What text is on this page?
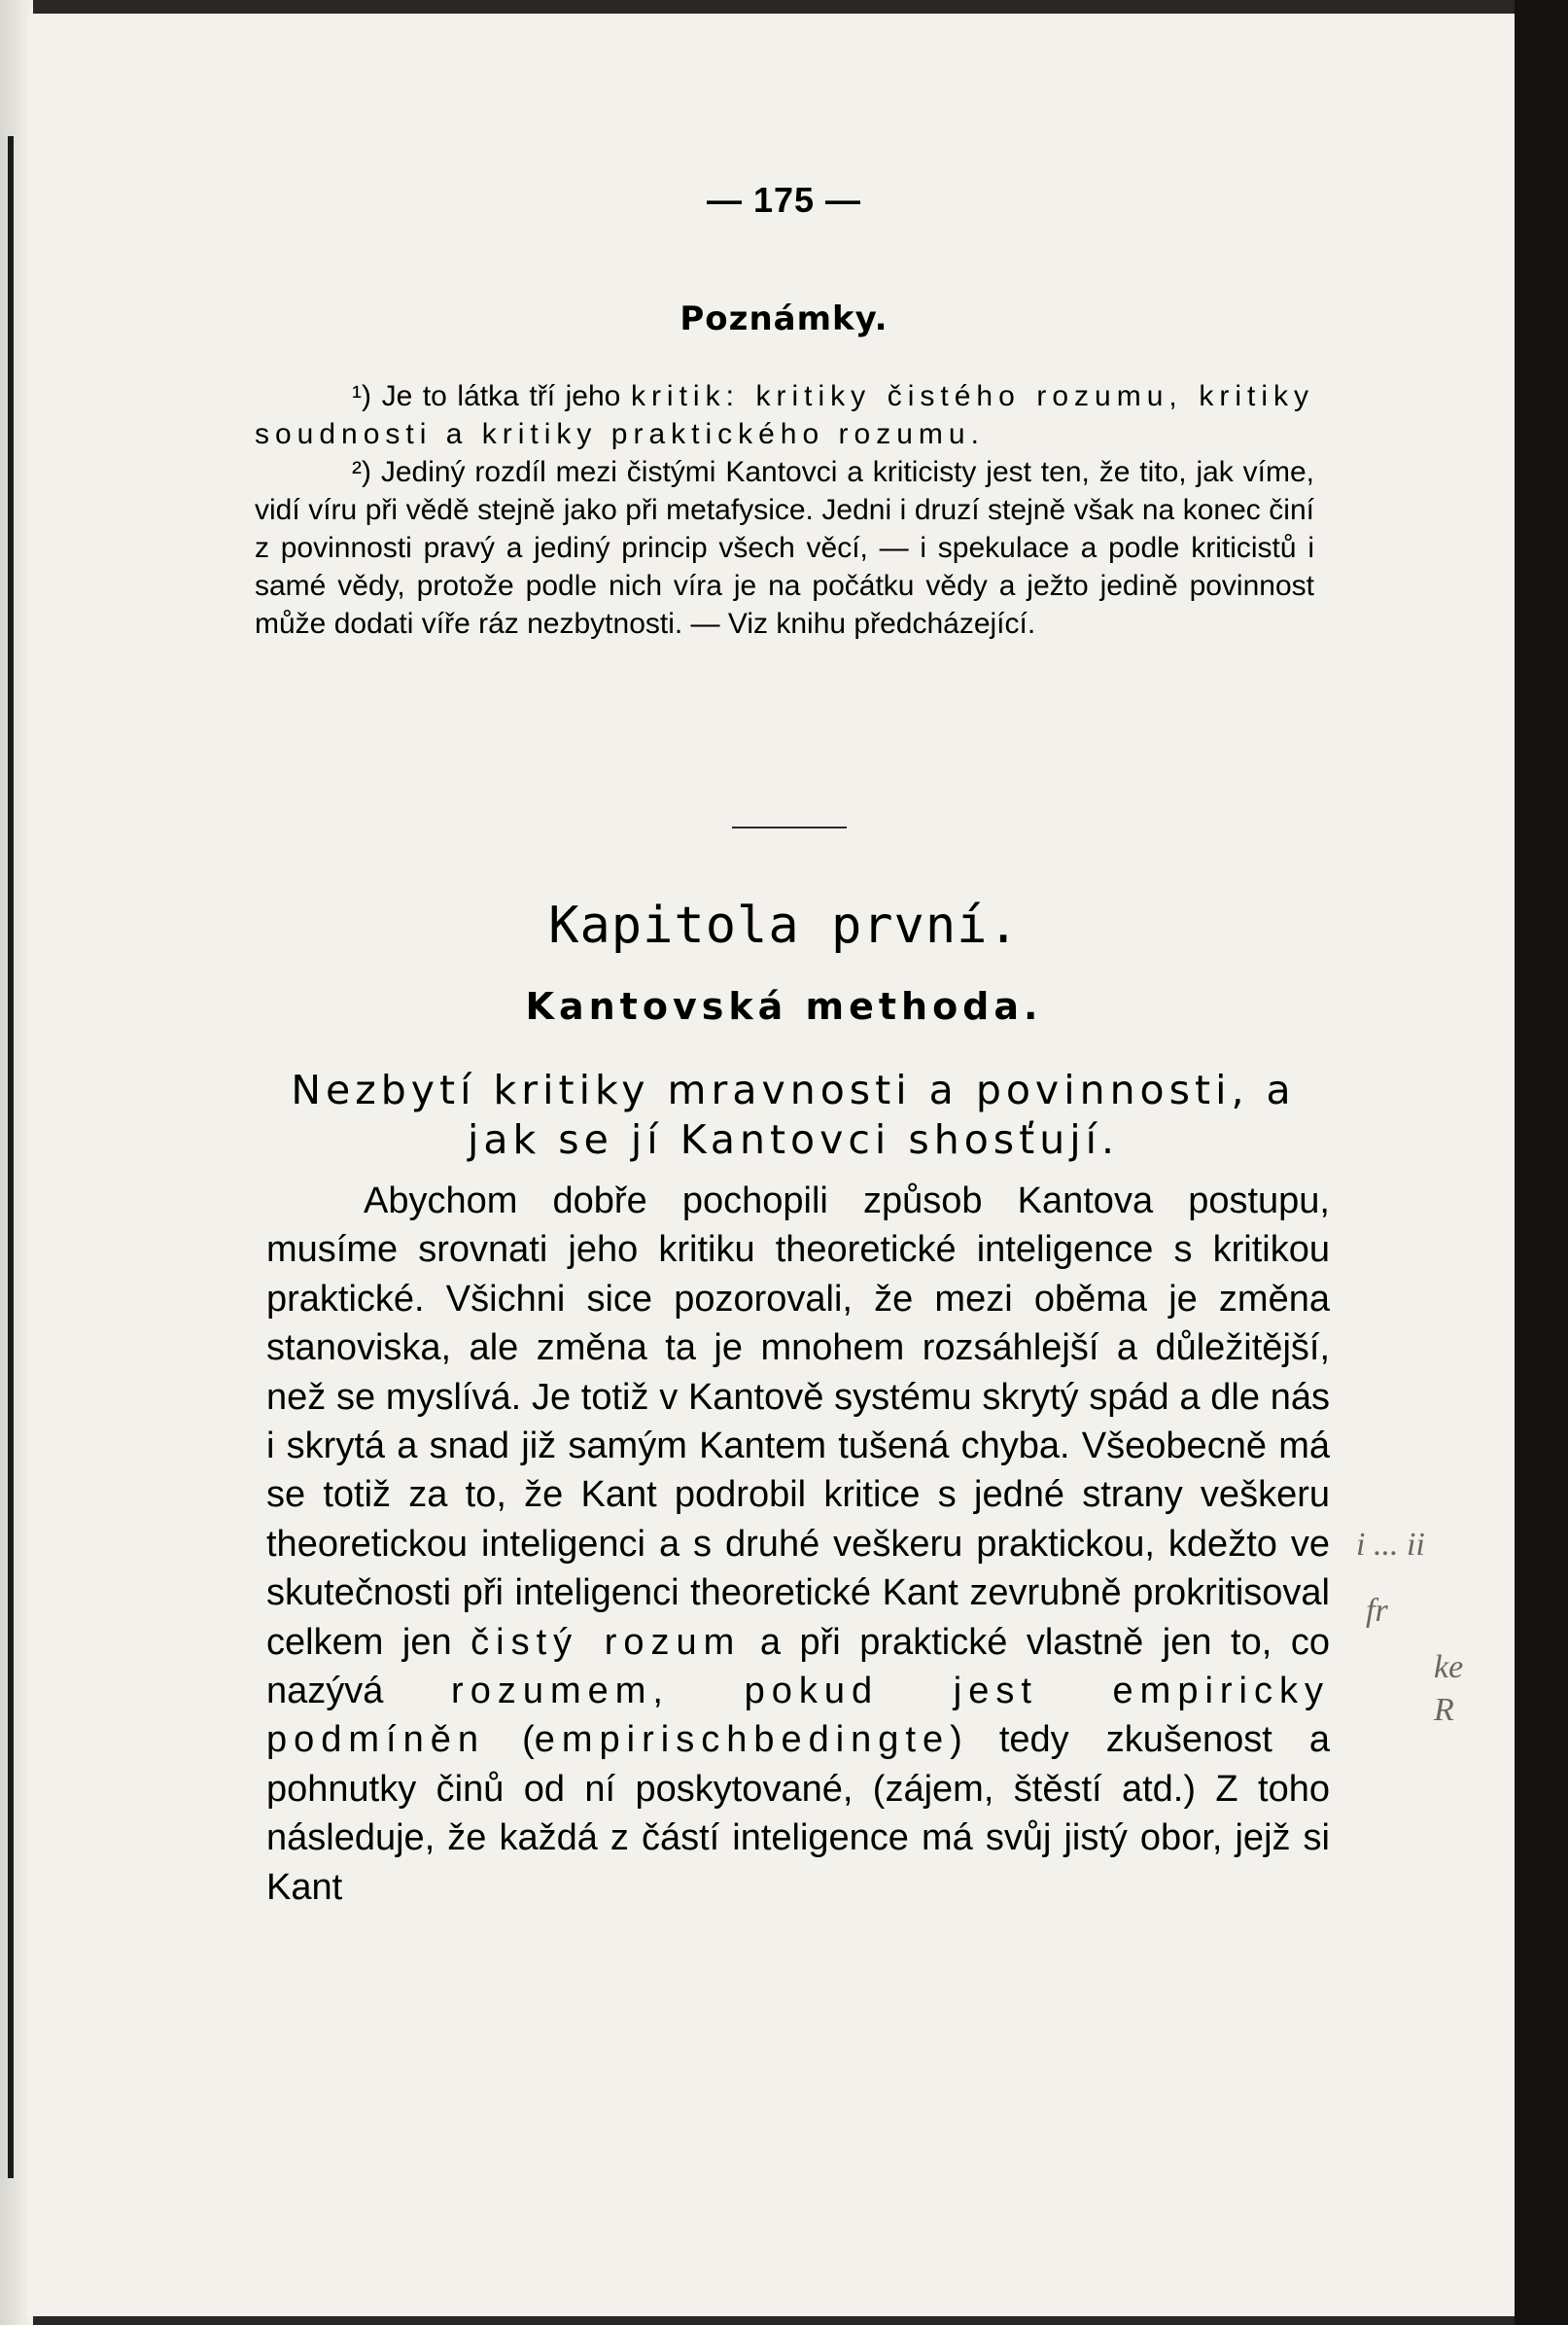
— 175 —
Poznámky.

¹) Je to látka tří jeho kritik: kritiky čistého rozumu, kritiky soudnosti a kritiky praktického rozumu.

²) Jediný rozdíl mezi čistými Kantovci a kriticisty jest ten, že tito, jak víme, vidí víru při vědě stejně jako při metafysice. Jedni i druzí stejně však na konec činí z povinnosti pravý a jediný princip všech věcí, — i spekulace a podle kriticistů i samé vědy, protože podle nich víra je na počátku vědy a ježto jedině povinnost může dodati víře ráz nezbytnosti. — Viz knihu předcházející.

Kapitola první.
Kantovská methoda.
Nezbytí kritiky mravnosti a povinnosti, a jak se jí Kantovci shosťují.

Abychom dobře pochopili způsob Kantova postupu, musíme srovnati jeho kritiku theoretické inteligence s kritikou praktické. Všichni sice pozorovali, že mezi oběma je změna stanoviska, ale změna ta je mnohem rozsáhlejší a důležitější, než se myslívá. Je totiž v Kantově systému skrytý spád a dle nás i skrytá a snad již samým Kantem tušená chyba. Všeobecně má se totiž za to, že Kant podrobil kritice s jedné strany veškeru theoretickou inteligenci a s druhé veškeru praktickou, kdežto ve skutečnosti při inteligenci theoretické Kant zevrubně prokritisoval celkem jen čistý rozum a při praktické vlastně jen to, co nazývá rozumem, pokud jest empiricky podmíněn (empirischbedingte) tedy zkušenost a pohnutky činů od ní poskytované, (zájem, štěstí atd.) Z toho následuje, že každá z částí inteligence má svůj jistý obor, jejž si Kant

i ... ii
fr
ke
R
